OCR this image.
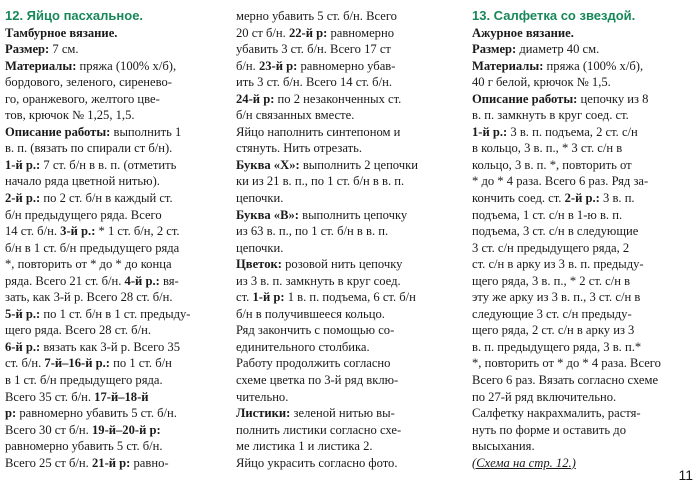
12. Яйцо пасхальное.
Тамбурное вязание.
Размер: 7 см.
Материалы: пряжа (100% х/б),
бордового, зеленого, сиренево-
го, оранжевого, желтого цве-
тов, крючок № 1,25, 1,5.
Описание работы: выполнить 1
в. п. (вязать по спирали ст б/н).
1-й р.: 7 ст. б/н в в. п. (отметить
начало ряда цветной нитью).
2-й р.: по 2 ст. б/н в каждый ст.
б/н предыдущего ряда. Всего
14 ст. б/н. 3-й р.: * 1 ст. б/н, 2 ст.
б/н в 1 ст. б/н предыдущего ряда
*, повторить от * до * до конца
ряда. Всего 21 ст. б/н. 4-й р.: вя-
зать, как 3-й р. Всего 28 ст. б/н.
5-й р.: по 1 ст. б/н в 1 ст. предыду-
щего ряда. Всего 28 ст. б/н.
6-й р.: вязать как 3-й р. Всего 35
ст. б/н. 7-й–16-й р.: по 1 ст. б/н
в 1 ст. б/н предыдущего ряда.
Всего 35 ст. б/н. 17-й–18-й
р: равномерно убавить 5 ст. б/н.
Всего 30 ст б/н. 19-й–20-й р:
равномерно убавить 5 ст. б/н.
Всего 25 ст б/н. 21-й р: равно-
мерно убавить 5 ст. б/н. Всего
20 ст б/н. 22-й р: равномерно
убавить 3 ст. б/н. Всего 17 ст
б/н. 23-й р: равномерно убав-
ить 3 ст. б/н. Всего 14 ст. б/н.
24-й р: по 2 незаконченных ст.
б/н связанных вместе.
Яйцо наполнить синтепоном и
стянуть. Нить отрезать.
Буква «Х»: выполнить 2 цепочки
ки из 21 в. п., по 1 ст. б/н в в. п.
цепочки.
Буква «В»: выполнить цепочку
из 63 в. п., по 1 ст. б/н в в. п.
цепочки.
Цветок: розовой нить цепочку
из 3 в. п. замкнуть в круг соед.
ст. 1-й р: 1 в. п. подъема, 6 ст. б/н
б/н в получившееся кольцо.
Ряд закончить с помощью со-
единительного столбика.
Работу продолжить согласно
схеме цветка по 3-й ряд вклю-
чительно.
Листики: зеленой нитью вы-
полнить листики согласно схе-
ме листика 1 и листика 2.
Яйцо украсить согласно фото.
13. Салфетка со звездой.
Ажурное вязание.
Размер: диаметр 40 см.
Материалы: пряжа (100% х/б),
40 г белой, крючок № 1,5.
Описание работы: цепочку из 8
в. п. замкнуть в круг соед. ст.
1-й р.: 3 в. п. подъема, 2 ст. с/н
в кольцо, 3 в. п., * 3 ст. с/н в
кольцо, 3 в. п. *, повторить от
* до * 4 раза. Всего 6 раз. Ряд за-
кончить соед. ст. 2-й р.: 3 в. п.
подъема, 1 ст. с/н в 1-ю в. п.
подъема, 3 ст. с/н в следующие
3 ст. с/н предыдущего ряда, 2
ст. с/н в арку из 3 в. п. предыду-
щего ряда, 3 в. п., * 2 ст. с/н в
эту же арку из 3 в. п., 3 ст. с/н в
следующие 3 ст. с/н предыду-
щего ряда, 2 ст. с/н в арку из 3
в. п. предыдущего ряда, 3 в. п.*
*, повторить от * до * 4 раза. Всего
Всего 6 раз. Вязать согласно схеме
по 27-й ряд включительно.
Салфетку накрахмалить, растя-
нуть по форме и оставить до
высыхания.
(Схема на стр. 12.)
11
